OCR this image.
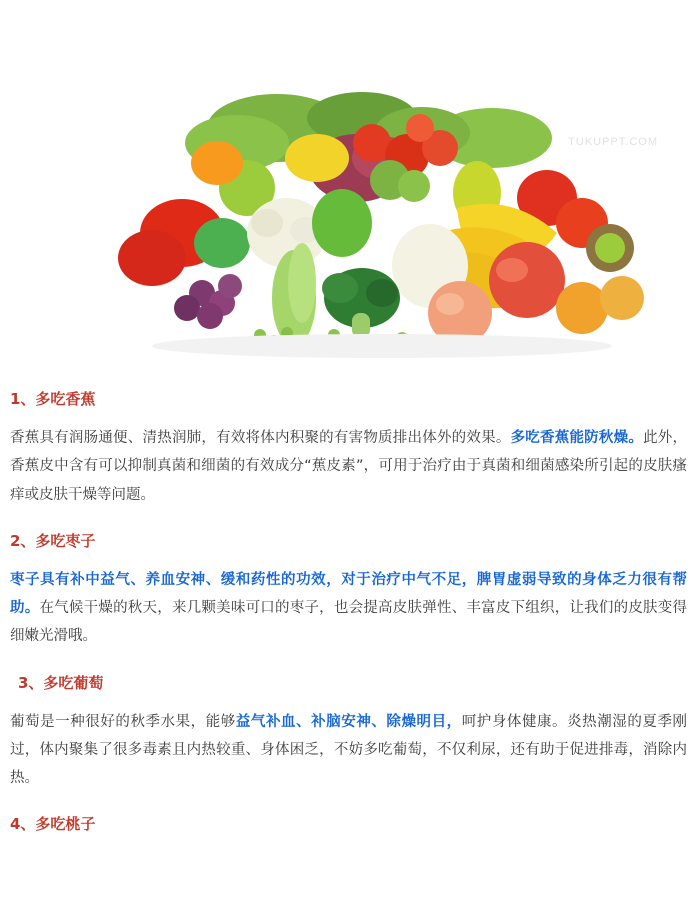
TUKUPPT.COM
1、多吃香蕉

香蕉具有润肠通便、清热润肺，有效将体内积聚的有害物质排出体外的效果。多吃香蕉能防秋燥。此外，香蕉皮中含有可以抑制真菌和细菌的有效成分“蕉皮素”，可用于治疗由于真菌和细菌感染所引起的皮肤瘙痒或皮肤干燥等问题。

2、多吃枣子

枣子具有补中益气、养血安神、缓和药性的功效，对于治疗中气不足，脾胃虚弱导致的身体乏力很有帮助。在气候干燥的秋天，来几颗美味可口的枣子，也会提高皮肤弹性、丰富皮下组织，让我们的皮肤变得细嫩光滑哦。

3、多吃葡萄

葡萄是一种很好的秋季水果，能够益气补血、补脑安神、除燥明目，呵护身体健康。炎热潮湿的夏季刚过，体内聚集了很多毒素且内热较重、身体困乏，不妨多吃葡萄，不仅利尿，还有助于促进排毒，消除内热。

4、多吃桃子
